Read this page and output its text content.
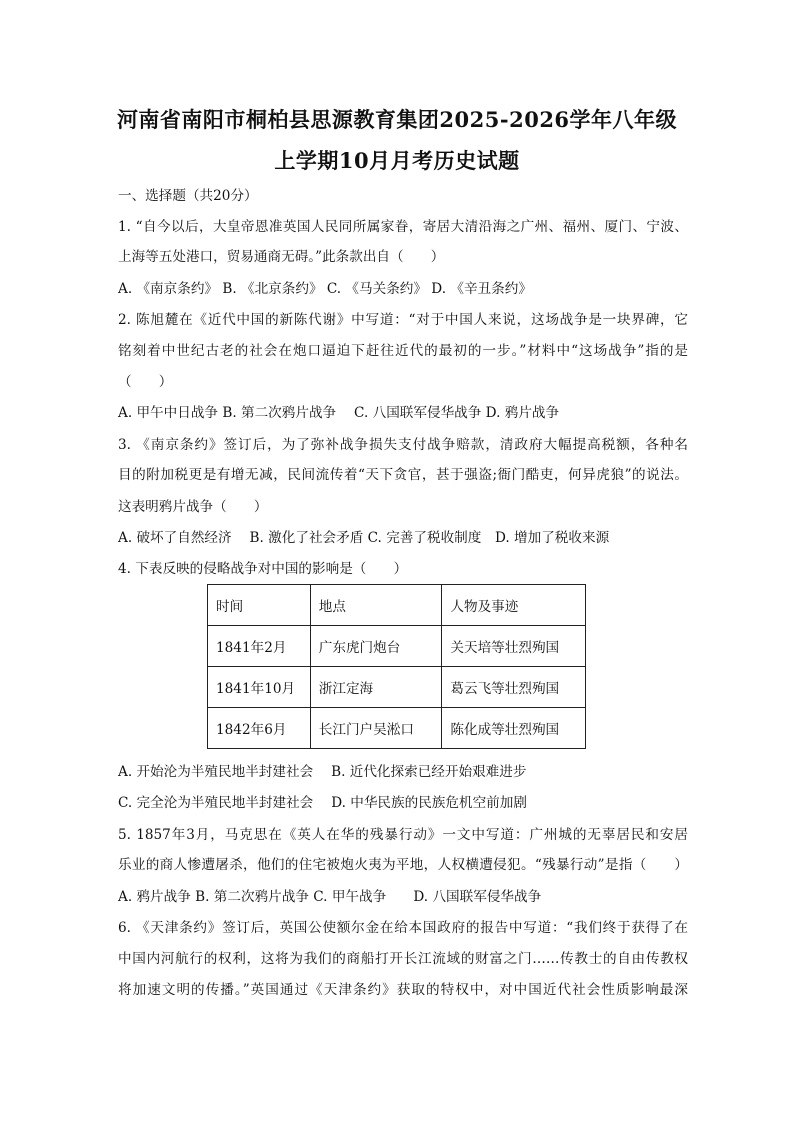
河南省南阳市桐柏县思源教育集团2025-2026学年八年级
上学期10月月考历史试题
一、选择题（共20分）
1. “自今以后，大皇帝恩准英国人民同所属家眷，寄居大清沿海之广州、福州、厦门、宁波、
上海等五处港口，贸易通商无碍。”此条款出自（　　）
A. 《南京条约》 B. 《北京条约》 C. 《马关条约》 D. 《辛丑条约》
2. 陈旭麓在《近代中国的新陈代谢》中写道：“对于中国人来说，这场战争是一块界碑，它
铭刻着中世纪古老的社会在炮口逼迫下赶往近代的最初的一步。”材料中“这场战争”指的是
（　　）
A. 甲午中日战争 B. 第二次鸦片战争　 C. 八国联军侵华战争 D. 鸦片战争
3. 《南京条约》签订后，为了弥补战争损失支付战争赔款，清政府大幅提高税额，各种名
目的附加税更是有增无减，民间流传着“天下贪官，甚于强盗;衙门酷吏，何异虎狼”的说法。
这表明鸦片战争（　　）
A. 破坏了自然经济　 B. 激化了社会矛盾 C. 完善了税收制度　D. 增加了税收来源
4. 下表反映的侵略战争对中国的影响是（　　）
时间	地点	人物及事迹
1841年2月	广东虎门炮台	关天培等壮烈殉国
1841年10月	浙江定海	葛云飞等壮烈殉国
1842年6月	长江门户吴淞口	陈化成等壮烈殉国
A. 开始沦为半殖民地半封建社会　 B. 近代化探索已经开始艰难进步
C. 完全沦为半殖民地半封建社会　 D. 中华民族的民族危机空前加剧
5. 1857年3月，马克思在《英人在华的残暴行动》一文中写道：广州城的无辜居民和安居
乐业的商人惨遭屠杀，他们的住宅被炮火夷为平地，人权横遭侵犯。“残暴行动”是指（　　）
A. 鸦片战争 B. 第二次鸦片战争 C. 甲午战争　　D. 八国联军侵华战争
6. 《天津条约》签订后，英国公使额尔金在给本国政府的报告中写道：“我们终于获得了在
中国内河航行的权利，这将为我们的商船打开长江流域的财富之门……传教士的自由传教权
将加速文明的传播。”英国通过《天津条约》获取的特权中，对中国近代社会性质影响最深
